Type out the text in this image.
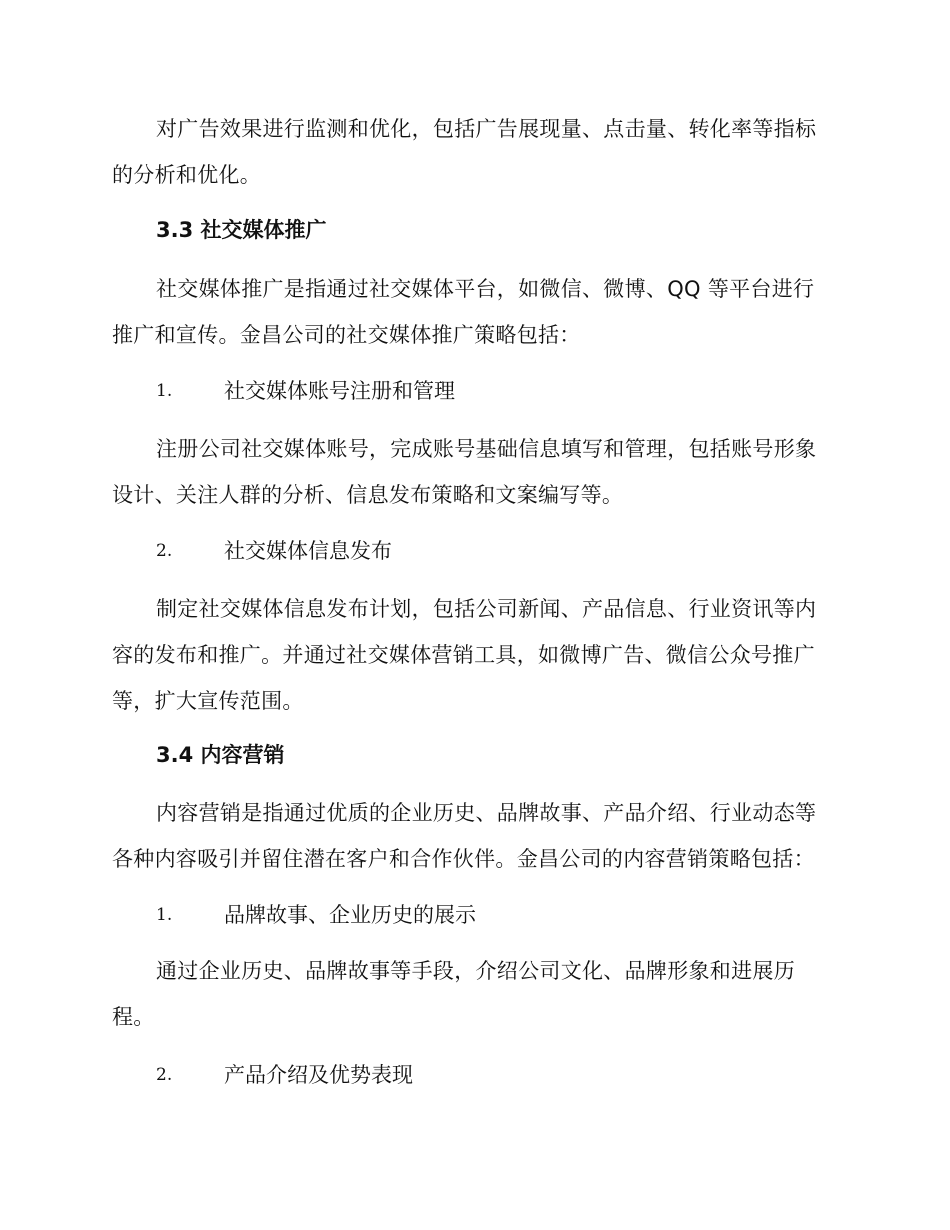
对广告效果进行监测和优化，包括广告展现量、点击量、转化率等指标的分析和优化。

3.3 社交媒体推广

社交媒体推广是指通过社交媒体平台，如微信、微博、QQ 等平台进行推广和宣传。金昌公司的社交媒体推广策略包括：

1. 社交媒体账号注册和管理

注册公司社交媒体账号，完成账号基础信息填写和管理，包括账号形象设计、关注人群的分析、信息发布策略和文案编写等。

2. 社交媒体信息发布

制定社交媒体信息发布计划，包括公司新闻、产品信息、行业资讯等内容的发布和推广。并通过社交媒体营销工具，如微博广告、微信公众号推广等，扩大宣传范围。

3.4 内容营销

内容营销是指通过优质的企业历史、品牌故事、产品介绍、行业动态等各种内容吸引并留住潜在客户和合作伙伴。金昌公司的内容营销策略包括：

1. 品牌故事、企业历史的展示

通过企业历史、品牌故事等手段，介绍公司文化、品牌形象和进展历程。

2. 产品介绍及优势表现
